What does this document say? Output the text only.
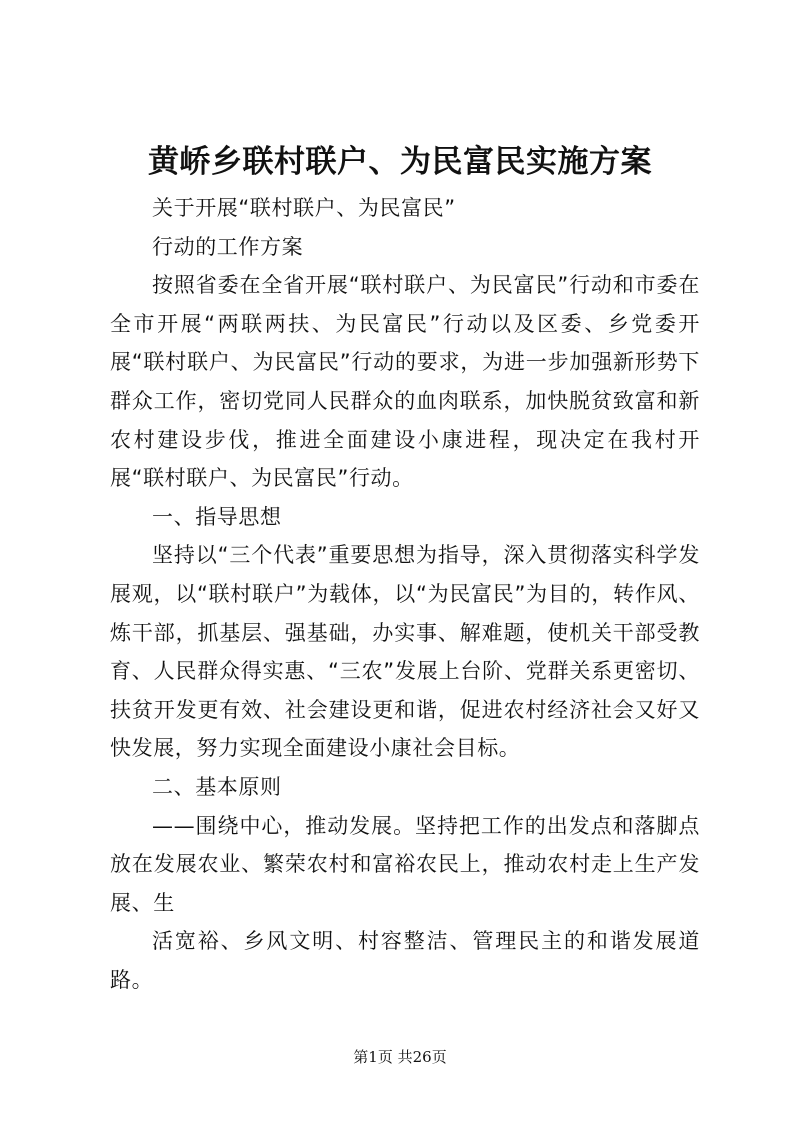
黄峤乡联村联户、为民富民实施方案

关于开展“联村联户、为民富民”

行动的工作方案

按照省委在全省开展“联村联户、为民富民”行动和市委在全市开展“两联两扶、为民富民”行动以及区委、乡党委开展“联村联户、为民富民”行动的要求，为进一步加强新形势下群众工作，密切党同人民群众的血肉联系，加快脱贫致富和新农村建设步伐，推进全面建设小康进程，现决定在我村开展“联村联户、为民富民”行动。

一、指导思想

坚持以“三个代表”重要思想为指导，深入贯彻落实科学发展观，以“联村联户”为载体，以“为民富民”为目的，转作风、炼干部，抓基层、强基础，办实事、解难题，使机关干部受教育、人民群众得实惠、“三农”发展上台阶、党群关系更密切、扶贫开发更有效、社会建设更和谐，促进农村经济社会又好又快发展，努力实现全面建设小康社会目标。

二、基本原则

——围绕中心，推动发展。坚持把工作的出发点和落脚点放在发展农业、繁荣农村和富裕农民上，推动农村走上生产发展、生

活宽裕、乡风文明、村容整洁、管理民主的和谐发展道路。

第1页 共26页
